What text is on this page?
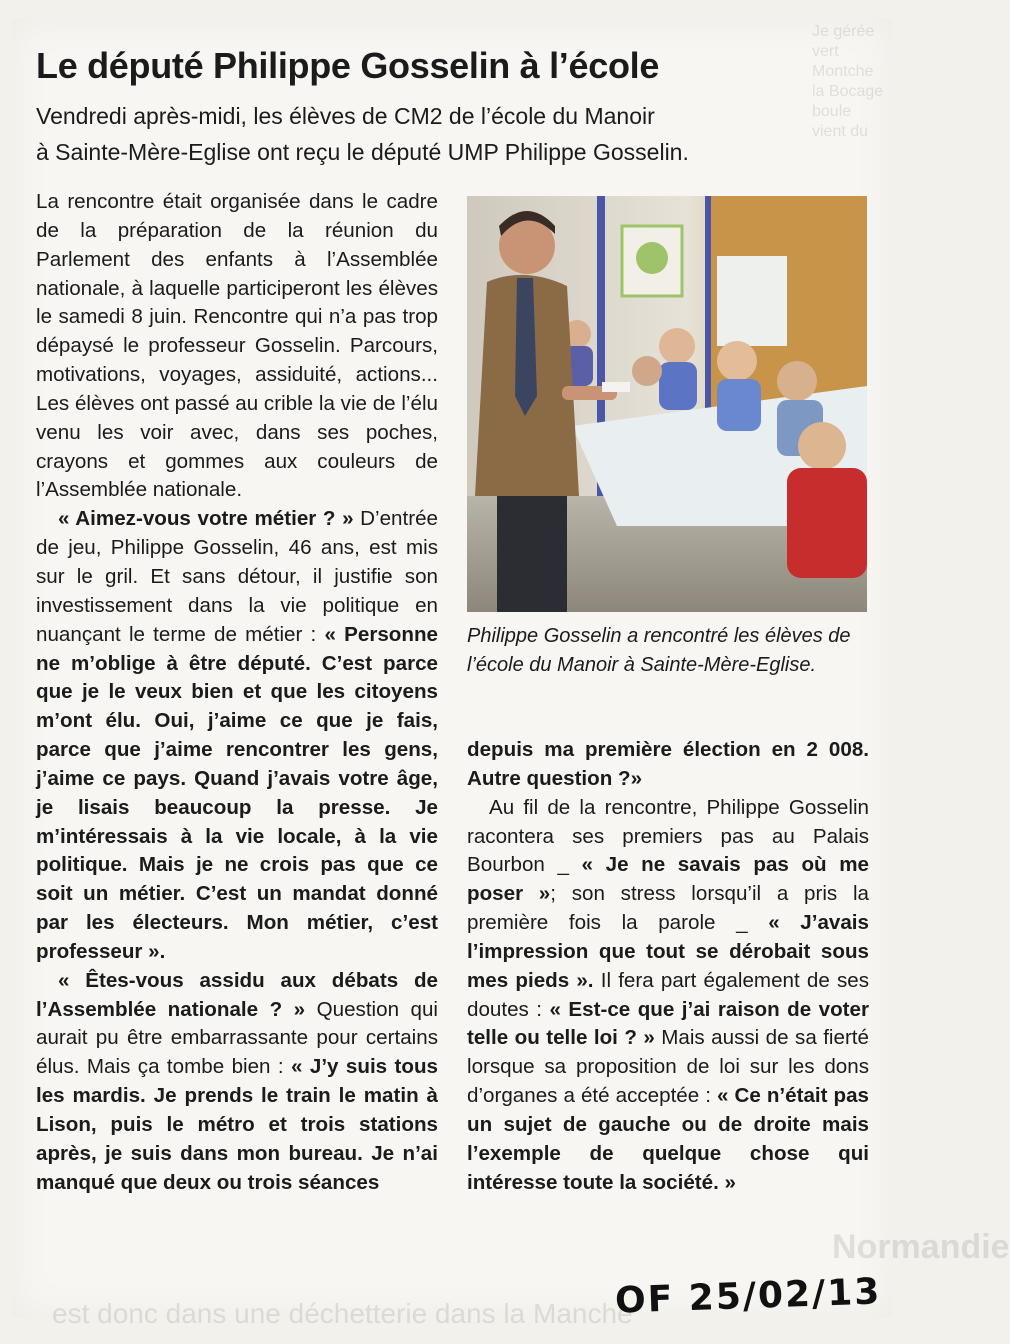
Je gérée
vert
Montche
la Bocage
boule
vient du
est donc dans une déchetterie dans la Manche
Normandie
Le député Philippe Gosselin à l’école

Vendredi après-midi, les élèves de CM2 de l’école du Manoir
à Sainte-Mère-Eglise ont reçu le député UMP Philippe Gosselin.

La rencontre était organisée dans le cadre de la préparation de la réunion du Parlement des enfants à l’Assemblée nationale, à laquelle participeront les élèves le samedi 8 juin. Rencontre qui n’a pas trop dépaysé le professeur Gosselin. Parcours, motivations, voyages, assiduité, actions... Les élèves ont passé au crible la vie de l’élu venu les voir avec, dans ses poches, crayons et gommes aux couleurs de l’Assemblée nationale.

« Aimez-vous votre métier ? » D’entrée de jeu, Philippe Gosselin, 46 ans, est mis sur le gril. Et sans détour, il justifie son investissement dans la vie politique en nuançant le terme de métier : « Personne ne m’oblige à être député. C’est parce que je le veux bien et que les citoyens m’ont élu. Oui, j’aime ce que je fais, parce que j’aime rencontrer les gens, j’aime ce pays. Quand j’avais votre âge, je lisais beaucoup la presse. Je m’intéressais à la vie locale, à la vie politique. Mais je ne crois pas que ce soit un métier. C’est un mandat donné par les électeurs. Mon métier, c’est professeur ».

« Êtes-vous assidu aux débats de l’Assemblée nationale ? » Question qui aurait pu être embarrassante pour certains élus. Mais ça tombe bien : « J’y suis tous les mardis. Je prends le train le matin à Lison, puis le métro et trois stations après, je suis dans mon bureau. Je n’ai manqué que deux ou trois séances

Philippe Gosselin a rencontré les élèves de l’école du Manoir à Sainte-Mère-Eglise.

depuis ma première élection en 2 008. Autre question ?»

Au fil de la rencontre, Philippe Gosselin racontera ses premiers pas au Palais Bourbon _ « Je ne savais pas où me poser »; son stress lorsqu’il a pris la première fois la parole _ « J’avais l’impression que tout se dérobait sous mes pieds ». Il fera part également de ses doutes : « Est-ce que j’ai raison de voter telle ou telle loi ? » Mais aussi de sa fierté lorsque sa proposition de loi sur les dons d’organes a été acceptée : « Ce n’était pas un sujet de gauche ou de droite mais l’exemple de quelque chose qui intéresse toute la société. »

OF 25/02/13
